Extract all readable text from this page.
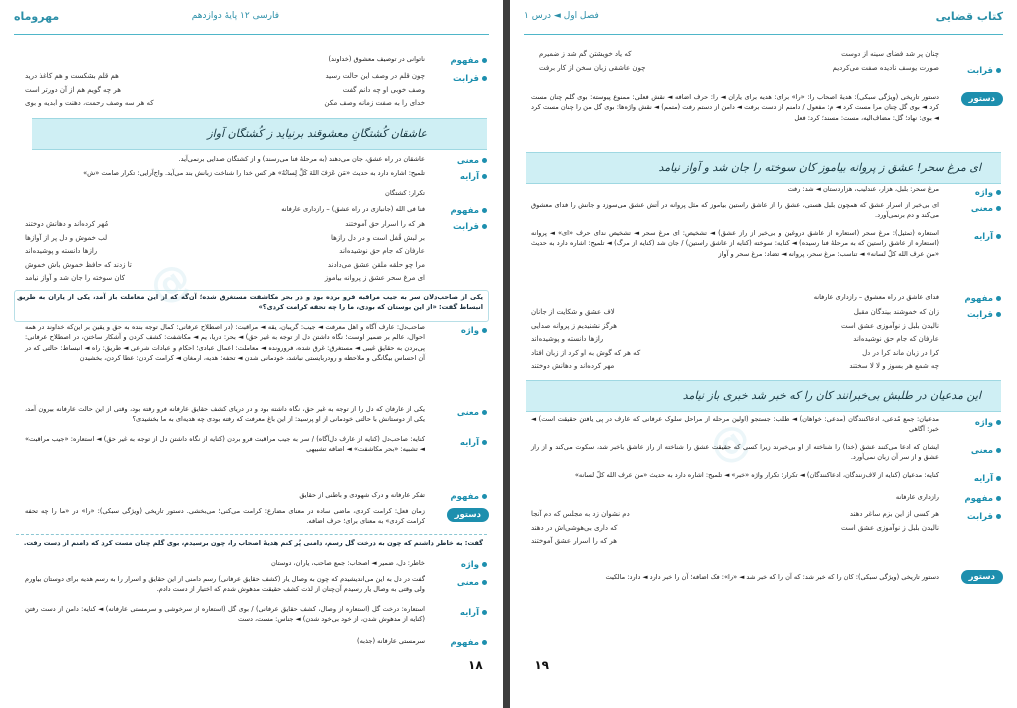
@
مهروماه	فارسی ۱۲ پایهٔ دوازدهم
مفهوم
ناتوانی در توصیف معشوق (خداوند)
قرابت
چون قلم در وصف این حالت رسید
هم قلم بشکست و هم کاغذ درید
وصف خوبی او چه دانم گفت
هر چه گویم هم از آن دورتر است
خدای را به صفت زمانه وصف مکن
که هر سه وصف رحمت، دهنت و ابدیه و بوی
عاشقان کُشتگانِ معشوقند برنیاید ز کُشتگان آواز
معنی
عاشقان در راه عشق، جان می‌دهند (به مرحلهٔ فنا می‌رسند) و از کشتگان صدایی برنمی‌آید.
آرایه
تلمیح: اشاره دارد به حدیث «مَن عَرَفَ اللهَ کَلَّ لِسانُهُ» هر کس خدا را شناخت زبانش بند می‌آید. واج‌آرایی: تکرار صامت «ش»
تکرار: کشتگان
مفهوم
فنا فی الله (جانبازی در راه عشق) – رازداری عارفانه
قرابت
هر که را اسرار حق آموختند
مُهر کرده‌اند و دهانش دوختند
بر لبش قُفل است و در دل رازها
لب خموش و دل پر از آوازها
عارفان که جام حق نوشیده‌اند
رازها دانسته و پوشیده‌اند
مرا چو حلقه ملقن عشق می‌دادند
تا زدند که حافظ خموش باش خموش
ای مرغ سحر عشق ز پروانه بیاموز
کان سوخته را جان شد و آواز نیامد
یکی از صاحب‌دلان سر به جیب مراقبه فرو برده بود و در بحر مکاشفت مستغرق شده؛ آن‌گه که از این معاملت باز آمد، یکی از یاران به طریق انبساط گفت: «از این بوستان که بودی، ما را چه تحفه کرامت کردی؟»
واژه
صاحب‌دل: عارف آگاه و اهل معرفت ◄ جیب: گریبان، یقه ◄ مراقبت: (در اصطلاح عرفانی: کمال توجه بنده به حق و یقین بر این‌که خداوند در همه احوال، عالم بر ضمیر اوست؛ نگاه داشتن دل از توجه به غیر حق) ◄ بحر: دریا، یم ◄ مکاشفت: کشف کردن و آشکار ساختن، در اصطلاح عرفانی: پی‌بردن به حقایق غیبی ◄ مستغرق: غرق شده، فرورونده ◄ معاملت: اعمال عبادی؛ احکام و عبادات شرعی ◄ طریق: راه ◄ انبساط: حالتی که در آن احساس بیگانگی و ملاحظه و رودربایستی نباشد، خودمانی شدن ◄ تحفه: هدیه، ارمغان ◄ کرامت کردن: عطا کردن، بخشیدن
معنی
یکی از عارفان که دل را از توجه به غیر حق، نگاه داشته بود و در دریای کشف حقایق عارفانه فرو رفته بود، وقتی از این حالت عارفانه بیرون آمد، یکی از دوستانش با حالتی خودمانی از او پرسید: از این باغ معرفت که رفته بودی چه هدیه‌ای به ما بخشیدی؟
آرایه
کنایه: صاحب‌دل (کنایه از عارف دل‌آگاه) / سر به جیب مراقبت فرو بردن (کنایه از نگاه داشتن دل از توجه به غیر حق) ◄ استعاره: «جیب مراقبت» ◄ تشبیه: «بحر مکاشفت» ◄ اضافه تشبیهی
مفهوم
تفکر عارفانه و درک شهودی و باطنی از حقایق
دستور
زمان فعل: کرامت کردی، ماضی ساده در معنای مضارع: کرامت می‌کنی؛ می‌بخشی. دستور تاریخی (ویژگی سبکی): «را» در «ما را چه تحفه کرامت کردی» به معنای برای؛ حرف اضافه.
گفت: به خاطر داشتم که چون به درخت گل رسم، دامنی پُر کنم هدیهٔ اصحاب را، چون برسیدم، بوی گلم چنان مست کرد که دامنم از دست رفت.
واژه
خاطر: دل، ضمیر ◄ اصحاب: جمع صاحب، یاران، دوستان
معنی
گفت در دل به این می‌اندیشیدم که چون به وصال یار (کشف حقایق عرفانی) رسم دامنی از این حقایق و اسرار را به رسم هدیه برای دوستان بیاورم ولی وقتی به وصال یار رسیدم آن‌چنان از لذت کشف حقیقت مدهوش شدم که اختیار از دست دادم.
آرایه
استعاره: درخت گل (استعاره از وصال، کشف حقایق عرفانی) / بوی گل (استعاره از سرخوشی و سرمستی عارفانه) ◄ کنایه: دامن از دست رفتن (کنایه از مدهوش شدن، از خود بی‌خود شدن) ◄ جناس: مست، دست
مفهوم
سرمستی عارفانه (جذبه)
۱۸
@
کتاب قضایی
فصل اول ◄ درس ۱
قرابت
چنان پر شد فضای سینه از دوست
که یاد خویشتن گم شد ز ضمیرم
صورت یوسف نادیده صفت می‌کردیم
چون عاشقی زبان سخن از کار برفت
دستور
دستور تاریخی (ویژگی سبکی): هدیهٔ اصحاب را: «را» برای: هدیه برای یاران ◄ را: حرف اضافه ◄ نقش فعلی: ممنوع پیوسته: بوی گلم چنان مست کرد ◄ بوی گل چنان مرا مست کرد ◄ م: مفعول / دامنم از دست برفت ◄ دامن از دستم رفت (متمم) ◄ نقش واژه‌ها: بوی گل من را چنان مست کرد ◄ بوی: نهاد؛ گل: مضاف‌الیه، مست: مسند؛ کرد: فعل
ای مرغ سحر! عشق ز پروانه بیاموز کان سوخته را جان شد و آواز نیامد
واژه
مرغ سحر: بلبل، هزار، عندلیب، هزاردستان ◄ شد: رفت
معنی
ای بی‌خبر از اسرار عشق که همچون بلبل هستی، عشق را از عاشق راستین بیاموز که مثل پروانه در آتش عشق می‌سوزد و جانش را فدای معشوق می‌کند و دم برنمی‌آورد.
آرایه
استعاره (تمثیل): مرغ سحر (استعاره از عاشق دروغین و بی‌خبر از راز عشق) ◄ تشخیص: ای مرغ سحر ◄ تشخیص ندای حرف «ای» ◄ پروانه (استعاره از عاشق راستین که به مرحلهٔ فنا رسیده) ◄ کنایه: سوخته (کنایه از عاشق راستین) / جان شد (کنایه از مرگ) ◄ تلمیح: اشاره دارد به حدیث «من عرف الله کلّ لسانه» ◄ تناسب: مرغ سحر، پروانه ◄ تضاد: مرغ سحر و آواز
مفهوم
فدای عاشق در راه معشوق – رازداری عارفانه
قرابت
زان که خموشند بیندگان مقبل
لاف عشق و شکایت از جانان
نالیدن بلبل ز نوآموزی عشق است
هرگز نشنیدیم ز پروانه صدایی
عارفان که جام حق نوشیده‌اند
رازها دانسته و پوشیده‌اند
کرا در زبان ماند کرا در دل
که هر که گوش به او کرد از زبان افتاد
چه شمع هر بسوز و لا لا سختند
مهر کرده‌اند و دهانش دوختند
این مدعیان در طلبش بی‌خبرانند کان را که خبر شد خبری باز نیامد
واژه
مدعیان: جمع مُدعی، ادعاکنندگان (مدعی: خواهان) ◄ طلب: جستجو (اولین مرحله از مراحل سلوک عرفانی که عارف در پی یافتن حقیقت است) ◄ خبر: آگاهی
معنی
ایشان که ادعا می‌کنند عشق (خدا) را شناخته از او بی‌خبرند زیرا کسی که حقیقت عشق را شناخته از راز عاشق باخبر شد، سکوت می‌کند و از راز عشق و از سر آن زبان نمی‌آورد.
آرایه
کنایه: مدعیان (کنایه از لاف‌زنندگان، ادعاکنندگان) ◄ تکرار: تکرار واژه «خبر» ◄ تلمیح: اشاره دارد به حدیث «من عرف الله کلّ لسانه»
مفهوم
رازداری عارفانه
قرابت
هر کسی از این بزم ساغر دهند
دم نشوان زد به مجلس که دم آنجا
نالیدن بلبل ز نوآموزی عشق است
که داری بی‌هوشی‌اش در دهند
هر که را اسرار عشق آموختند
دستور
دستور تاریخی (ویژگی سبکی): کان را که خبر شد: که آن را که خبر شد ◄ «را»: فک اضافه؛ آن را خبر دارد ◄ دارد: مالکیت
۱۹
